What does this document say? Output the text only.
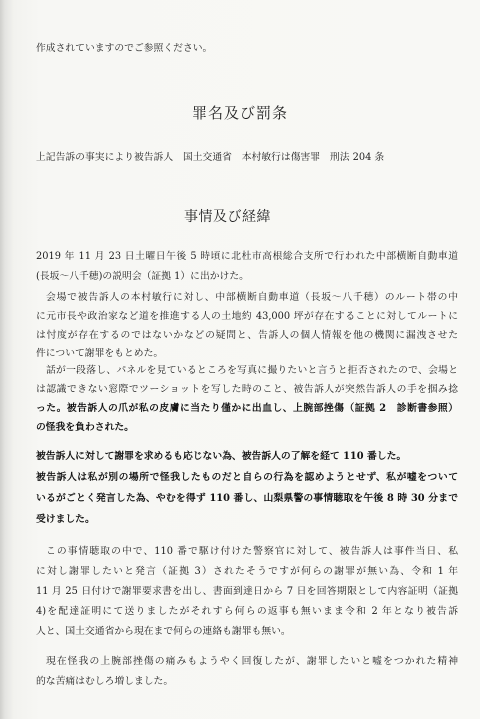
作成されていますのでご参照ください。
罪名及び罰条
上記告訴の事実により被告訴人　国土交通省　本村敏行は傷害罪　刑法 204 条
事情及び経緯
2019 年 11 月 23 日土曜日午後 5 時頃に北杜市高根総合支所で行われた中部横断自動車道
(長坂～八千穂)の説明会（証拠 1）に出かけた。
会場で被告訴人の本村敏行に対し、中部横断自動車道（長坂～八千穂）のルート帯の中
に元市長や政治家など道を推進する人の土地約 43,000 坪が存在することに対してルートに
は忖度が存在するのではないかなどの疑問と、告訴人の個人情報を他の機関に漏洩させた
件について謝罪をもとめた。
話が一段落し、パネルを見ているところを写真に撮りたいと言うと拒否されたので、会場と
は認識できない窓際でツーショットを写した時のこと、被告訴人が突然告訴人の手を掴み捻
った。被告訴人の爪が私の皮膚に当たり僅かに出血し、上腕部挫傷（証拠 2　診断書参照）
の怪我を負わされた。
被告訴人に対して謝罪を求めるも応じない為、被告訴人の了解を経て 110 番した。
被告訴人は私が別の場所で怪我したものだと自らの行為を認めようとせず、私が嘘をついて
いるがごとく発言した為、やむを得ず 110 番し、山梨県警の事情聴取を午後 8 時 30 分まで
受けました。
この事情聴取の中で、110 番で駆け付けた警察官に対して、被告訴人は事件当日、私
に対し謝罪したいと発言（証拠 3）されたそうですが何らの謝罪が無い為、令和 1 年
11 月 25 日付けで謝罪要求書を出し、書面到達日から 7 日を回答期限として内容証明（証拠
4)を配達証明にて送りましたがそれすら何らの返事も無いまま令和 2 年となり被告訴
人と、国土交通省から現在まで何らの連絡も謝罪も無い。
現在怪我の上腕部挫傷の痛みもようやく回復したが、謝罪したいと嘘をつかれた精神
的な苦痛はむしろ増しました。
